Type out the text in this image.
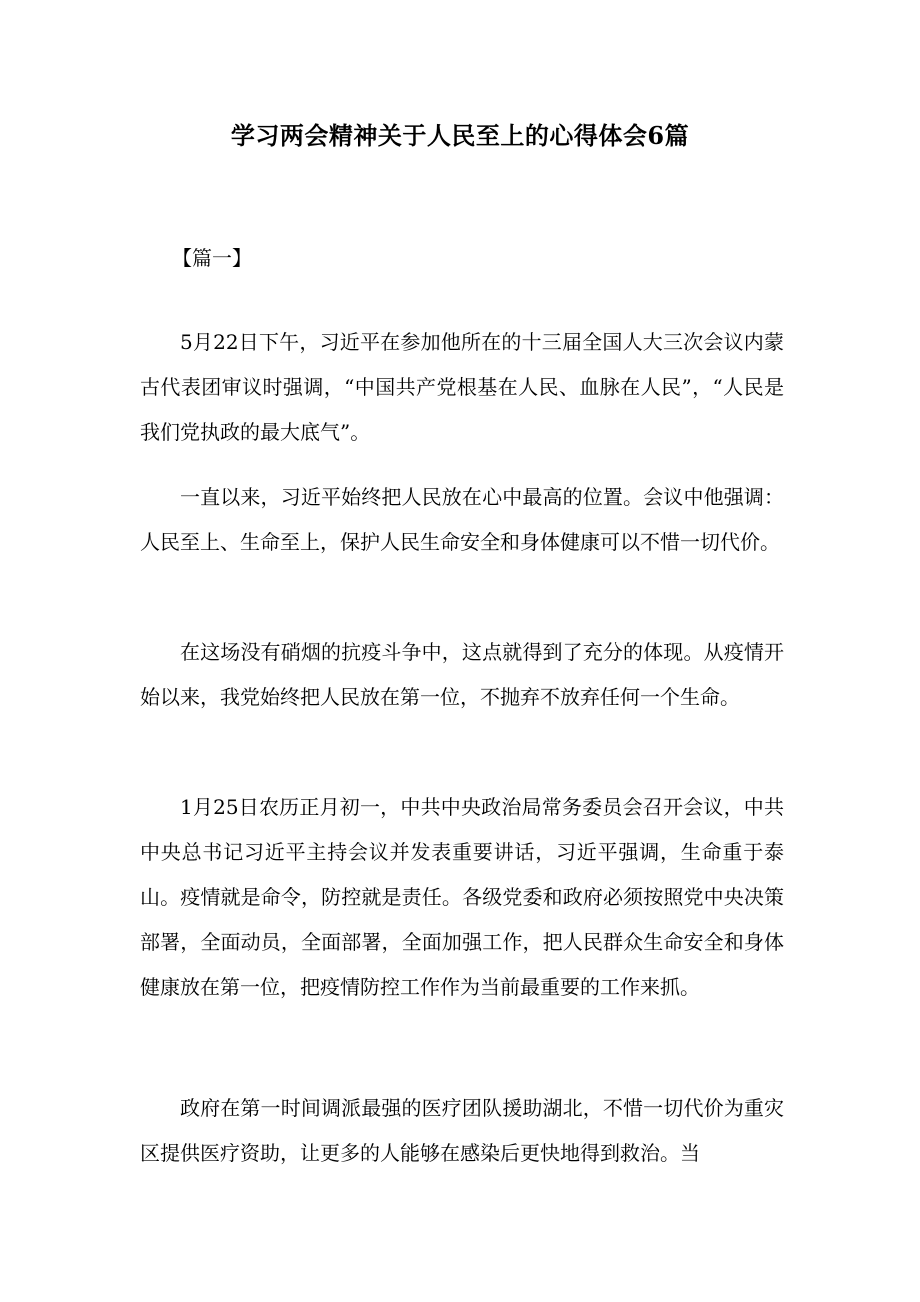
学习两会精神关于人民至上的心得体会6篇
【篇一】

5月22日下午，习近平在参加他所在的十三届全国人大三次会议内蒙古代表团审议时强调，“中国共产党根基在人民、血脉在人民”，“人民是我们党执政的最大底气”。

一直以来，习近平始终把人民放在心中最高的位置。会议中他强调：人民至上、生命至上，保护人民生命安全和身体健康可以不惜一切代价。

在这场没有硝烟的抗疫斗争中，这点就得到了充分的体现。从疫情开始以来，我党始终把人民放在第一位，不抛弃不放弃任何一个生命。

1月25日农历正月初一，中共中央政治局常务委员会召开会议，中共中央总书记习近平主持会议并发表重要讲话，习近平强调，生命重于泰山。疫情就是命令，防控就是责任。各级党委和政府必须按照党中央决策部署，全面动员，全面部署，全面加强工作，把人民群众生命安全和身体健康放在第一位，把疫情防控工作作为当前最重要的工作来抓。

政府在第一时间调派最强的医疗团队援助湖北，不惜一切代价为重灾区提供医疗资助，让更多的人能够在感染后更快地得到救治。当
